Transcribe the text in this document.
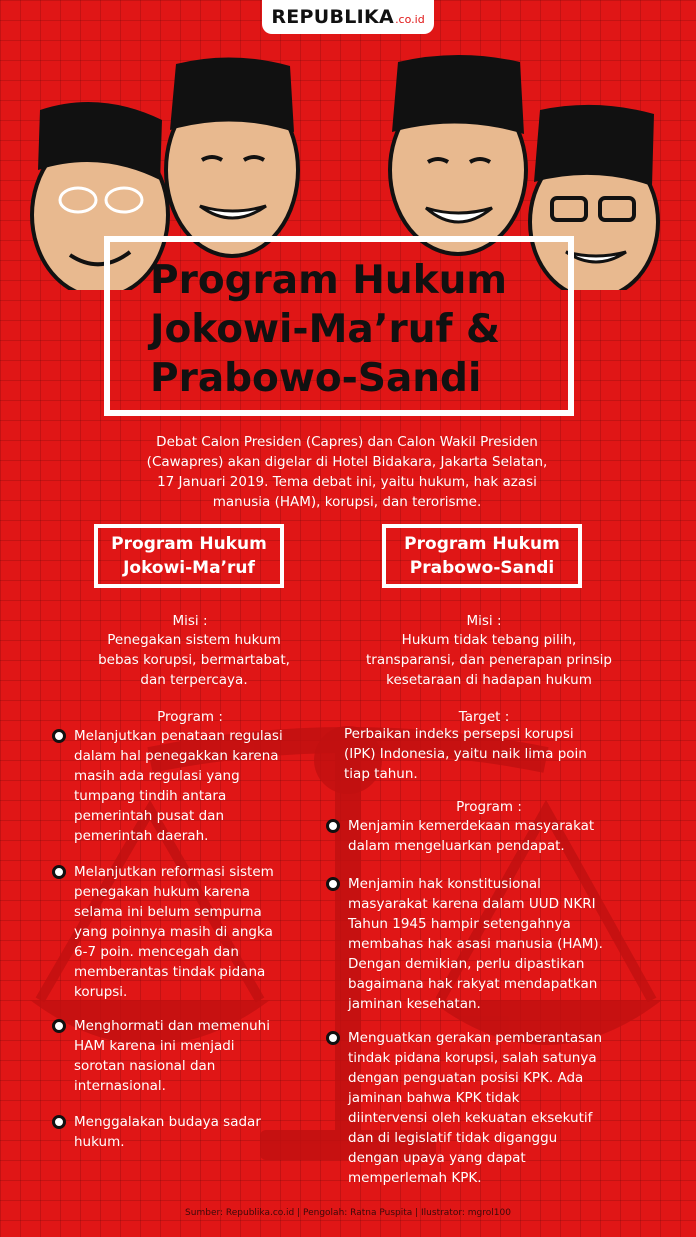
REPUBLIKA .co.id
Program Hukum
Jokowi-Ma’ruf &
Prabowo-Sandi
Debat Calon Presiden (Capres) dan Calon Wakil Presiden
(Cawapres) akan digelar di Hotel Bidakara, Jakarta Selatan,
17 Januari 2019. Tema debat ini, yaitu hukum, hak azasi
manusia (HAM), korupsi, dan terorisme.
Program Hukum
Jokowi-Ma’ruf
Program Hukum
Prabowo-Sandi
Misi :
Penegakan sistem hukum
bebas korupsi, bermartabat,
dan terpercaya.
Program :
Melanjutkan penataan regulasi
dalam hal penegakkan karena
masih ada regulasi yang
tumpang tindih antara
pemerintah pusat dan
pemerintah daerah.
Melanjutkan reformasi sistem
penegakan hukum karena
selama ini belum sempurna
yang poinnya masih di angka
6-7 poin. mencegah dan
memberantas tindak pidana
korupsi.
Menghormati dan memenuhi
HAM karena ini menjadi
sorotan nasional dan
internasional.
Menggalakan budaya sadar
hukum.
Misi :
Hukum tidak tebang pilih,
transparansi, dan penerapan prinsip
kesetaraan di hadapan hukum
Target :
Perbaikan indeks persepsi korupsi
(IPK) Indonesia, yaitu naik lima poin
tiap tahun.
Program :
Menjamin kemerdekaan masyarakat
dalam mengeluarkan pendapat.
Menjamin hak konstitusional
masyarakat karena dalam UUD NKRI
Tahun 1945 hampir setengahnya
membahas hak asasi manusia (HAM).
Dengan demikian, perlu dipastikan
bagaimana hak rakyat mendapatkan
jaminan kesehatan.
Menguatkan gerakan pemberantasan
tindak pidana korupsi, salah satunya
dengan penguatan posisi KPK. Ada
jaminan bahwa KPK tidak
diintervensi oleh kekuatan eksekutif
dan di legislatif tidak diganggu
dengan upaya yang dapat
memperlemah KPK.
Sumber: Republika.co.id | Pengolah: Ratna Puspita | Ilustrator: mgrol100
